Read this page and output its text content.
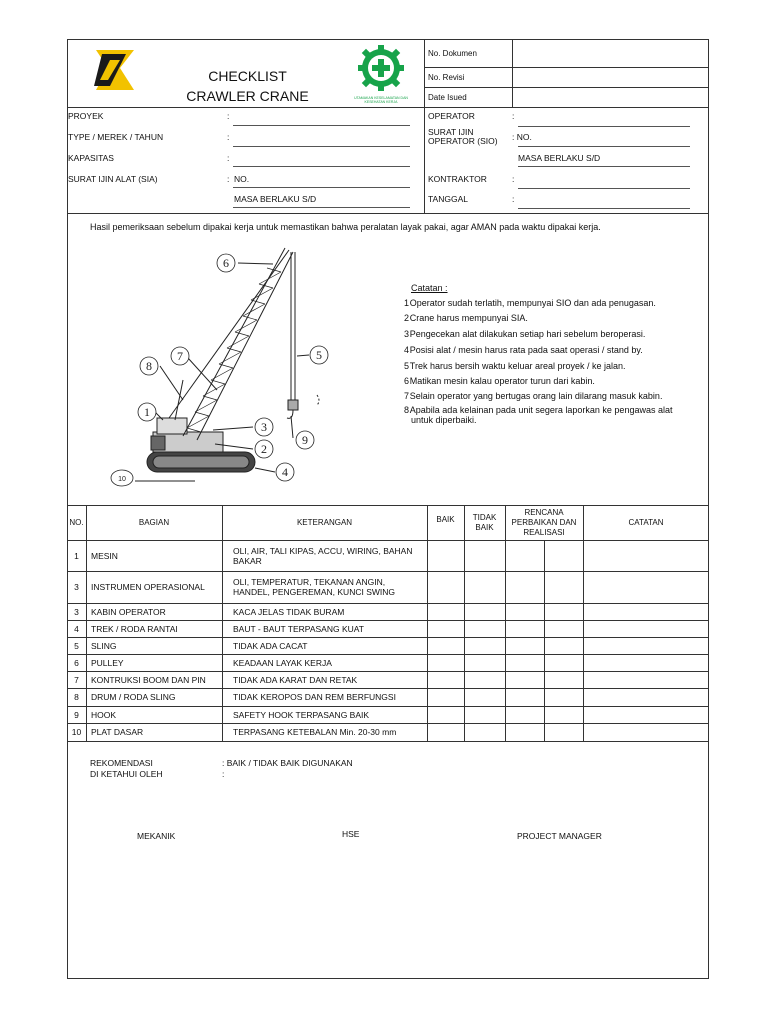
CHECKLIST
CRAWLER CRANE	UTAMAKAN KESELAMATAN DAN KESEHATAN KERJA
No. Dokumen
No. Revisi
Date Isued
PROYEK	:
TYPE / MEREK / TAHUN	:
KAPASITAS	:
SURAT IJIN ALAT (SIA)	: NO.
MASA BERLAKU S/D
OPERATOR	:
SURAT IJIN
OPERATOR (SIO) : NO.
MASA BERLAKU S/D
KONTRAKTOR	:
TANGGAL	:
Hasil pemeriksaan sebelum dipakai kerja untuk memastikan bahwa peralatan layak pakai, agar AMAN pada waktu dipakai kerja.
1
2
3
4
5
6
7
8
9
10
Catatan :
1 Operator sudah terlatih, mempunyai SIO dan ada penugasan.
2 Crane harus mempunyai SIA.
3 Pengecekan alat dilakukan setiap hari sebelum beroperasi.
4 Posisi alat / mesin harus rata pada saat operasi / stand by.
5 Trek harus bersih waktu keluar areal proyek / ke jalan.
6 Matikan mesin kalau operator turun dari kabin.
7 Selain operator yang bertugas orang lain dilarang masuk kabin.
8 Apabila ada kelainan pada unit segera laporkan ke pengawas alat
untuk diperbaiki.
NO.	BAGIAN	KETERANGAN	BAIK	TIDAK BAIK
RENCANA PERBAIKAN DAN REALISASI
CATATAN
1	MESIN	OLI, AIR, TALI KIPAS, ACCU, WIRING, BAHAN BAKAR
3	INSTRUMEN OPERASIONAL	OLI, TEMPERATUR, TEKANAN ANGIN, HANDEL, PENGEREMAN, KUNCI SWING
3	KABIN OPERATOR	KACA JELAS TIDAK BURAM
4	TREK / RODA RANTAI	BAUT - BAUT TERPASANG KUAT
5	SLING	TIDAK ADA CACAT
6	PULLEY	KEADAAN LAYAK KERJA
7	KONTRUKSI BOOM DAN PIN	TIDAK ADA KARAT DAN RETAK
8	DRUM / RODA SLING	TIDAK KEROPOS DAN REM BERFUNGSI
9	HOOK	SAFETY HOOK TERPASANG BAIK
10	PLAT DASAR	TERPASANG KETEBALAN Min. 20-30 mm
REKOMENDASI	: BAIK / TIDAK BAIK DIGUNAKAN
DI KETAHUI OLEH	:
MEKANIK	HSE	PROJECT MANAGER
